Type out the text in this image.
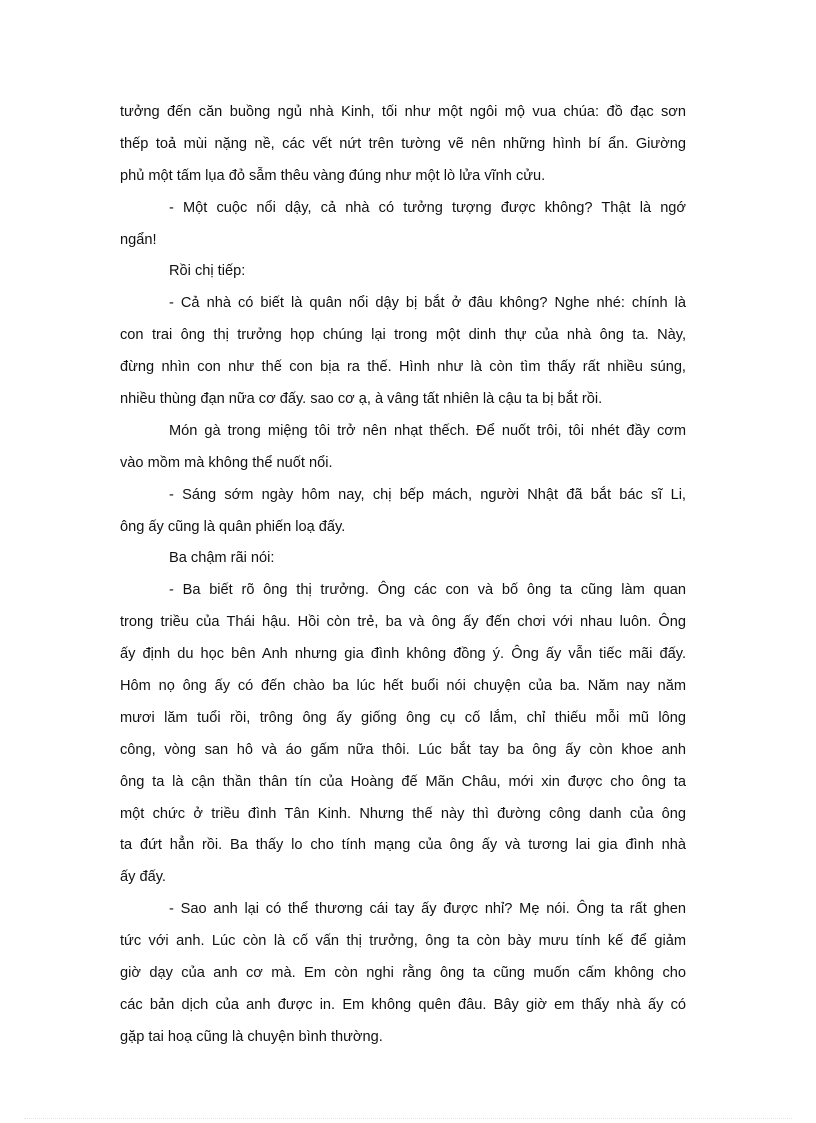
tưởng đến căn buồng ngủ nhà Kinh, tối như một ngôi mộ vua chúa: đồ đạc sơn
thếp toả mùi nặng nề, các vết nứt trên tường vẽ nên những hình bí ẩn. Giường
phủ một tấm lụa đỏ sẫm thêu vàng đúng như một lò lửa vĩnh cửu.
- Một cuộc nổi dậy, cả nhà có tưởng tượng được không? Thật là ngớ
ngẩn!
Rồi chị tiếp:
- Cả nhà có biết là quân nổi dậy bị bắt ở đâu không? Nghe nhé: chính là
con trai ông thị trưởng họp chúng lại trong một dinh thự của nhà ông ta. Này,
đừng nhìn con như thế con bịa ra thế. Hình như là còn tìm thấy rất nhiều súng,
nhiều thùng đạn nữa cơ đấy. sao cơ ạ, à vâng tất nhiên là cậu ta bị bắt rồi.
Món gà trong miệng tôi trở nên nhạt thếch. Để nuốt trôi, tôi nhét đầy cơm
vào mồm mà không thể nuốt nổi.
- Sáng sớm ngày hôm nay, chị bếp mách, người Nhật đã bắt bác sĩ Li,
ông ấy cũng là quân phiến loạ đấy.
Ba chậm rãi nói:
- Ba biết rõ ông thị trưởng. Ông các con và bố ông ta cũng làm quan
trong triều của Thái hậu. Hồi còn trẻ, ba và ông ấy đến chơi với nhau luôn. Ông
ấy định du học bên Anh nhưng gia đình không đồng ý. Ông ấy vẫn tiếc mãi đấy.
Hôm nọ ông ấy có đến chào ba lúc hết buổi nói chuyện của ba. Năm nay năm
mươi lăm tuổi rồi, trông ông ấy giống ông cụ cố lắm, chỉ thiếu mỗi mũ lông
công, vòng san hô và áo gấm nữa thôi. Lúc bắt tay ba ông ấy còn khoe anh
ông ta là cận thần thân tín của Hoàng đế Mãn Châu, mới xin được cho ông ta
một chức ở triều đình Tân Kinh. Nhưng thế này thì đường công danh của ông
ta đứt hẳn rồi. Ba thấy lo cho tính mạng của ông ấy và tương lai gia đình nhà
ấy đấy.
- Sao anh lại có thể thương cái tay ấy được nhỉ? Mẹ nói. Ông ta rất ghen
tức với anh. Lúc còn là cố vấn thị trưởng, ông ta còn bày mưu tính kế để giảm
giờ dạy của anh cơ mà. Em còn nghi rằng ông ta cũng muốn cấm không cho
các bản dịch của anh được in. Em không quên đâu. Bây giờ em thấy nhà ấy có
gặp tai hoạ cũng là chuyện bình thường.
